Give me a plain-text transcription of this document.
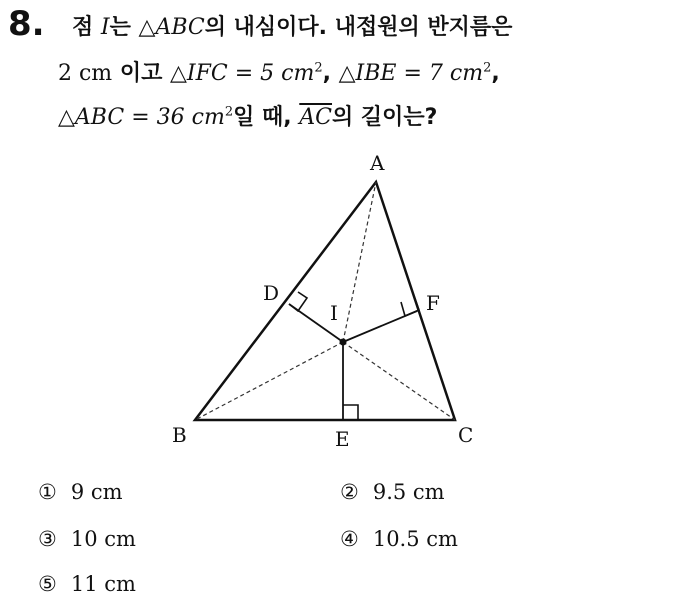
8. 점 I는 △ABC의 내심이다. 내접원의 반지름은
2 cm 이고 △IFC = 5 $cm^2$, △IBE = 7 $cm^2$,
△ABC = 36 $cm^2$일 때, $\overline{AC}$의 길이는?
A
B	C
D
E
F
I
① 9 cm	② 9.5 cm
③ 10 cm	④ 10.5 cm
⑤ 11 cm
